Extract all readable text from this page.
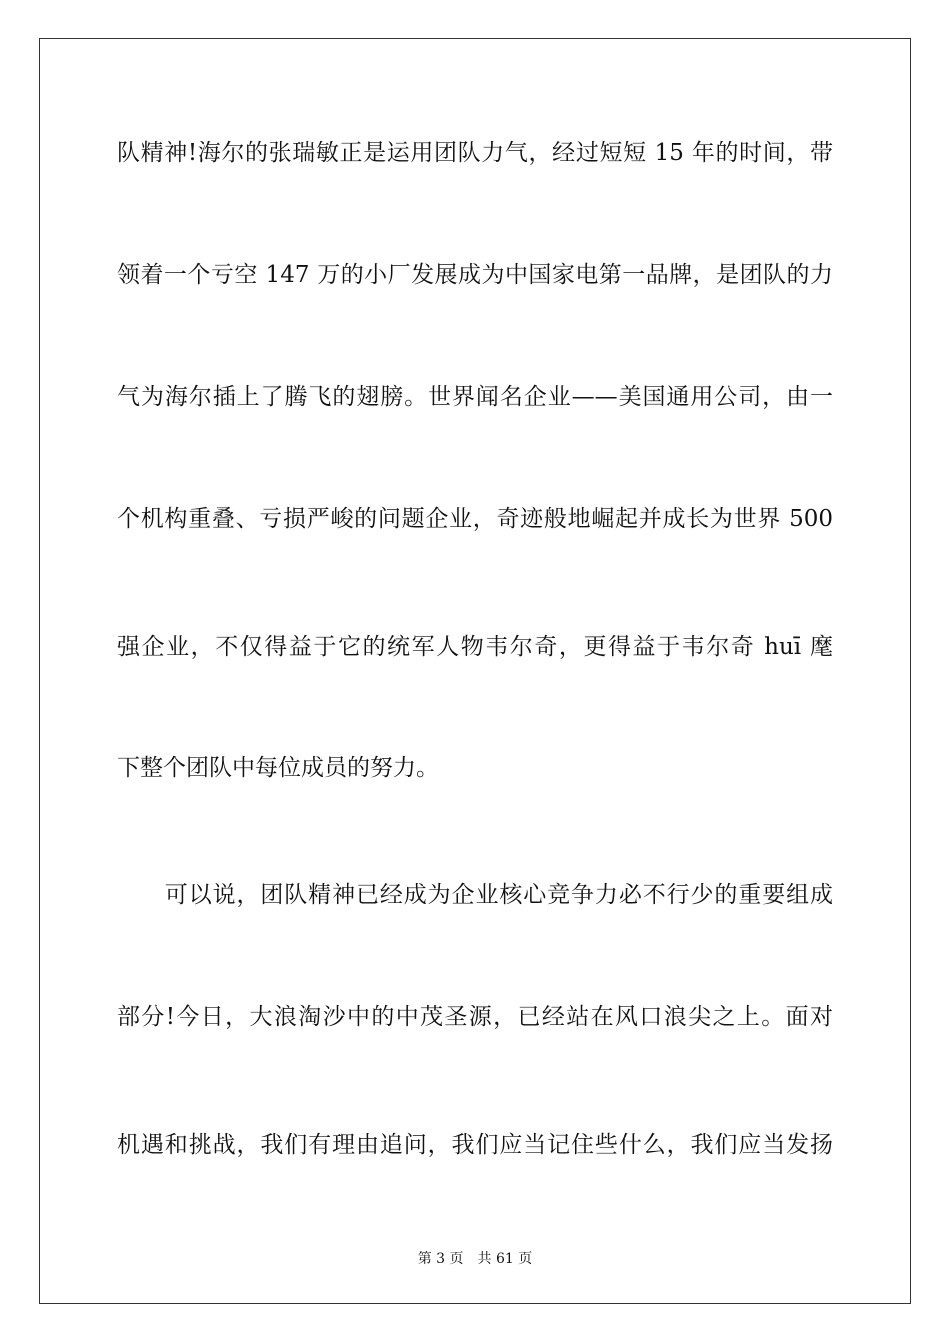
队精神!海尔的张瑞敏正是运用团队力气，经过短短 15 年的时间，带
领着一个亏空 147 万的小厂发展成为中国家电第一品牌，是团队的力
气为海尔插上了腾飞的翅膀。世界闻名企业——美国通用公司，由一
个机构重叠、亏损严峻的问题企业，奇迹般地崛起并成长为世界 500
强企业，不仅得益于它的统军人物韦尔奇，更得益于韦尔奇 huī 麾
下整个团队中每位成员的努力。
　　可以说，团队精神已经成为企业核心竞争力必不行少的重要组成
部分!今日，大浪淘沙中的中茂圣源，已经站在风口浪尖之上。面对
机遇和挑战，我们有理由追问，我们应当记住些什么，我们应当发扬
第 3 页　共 61 页
